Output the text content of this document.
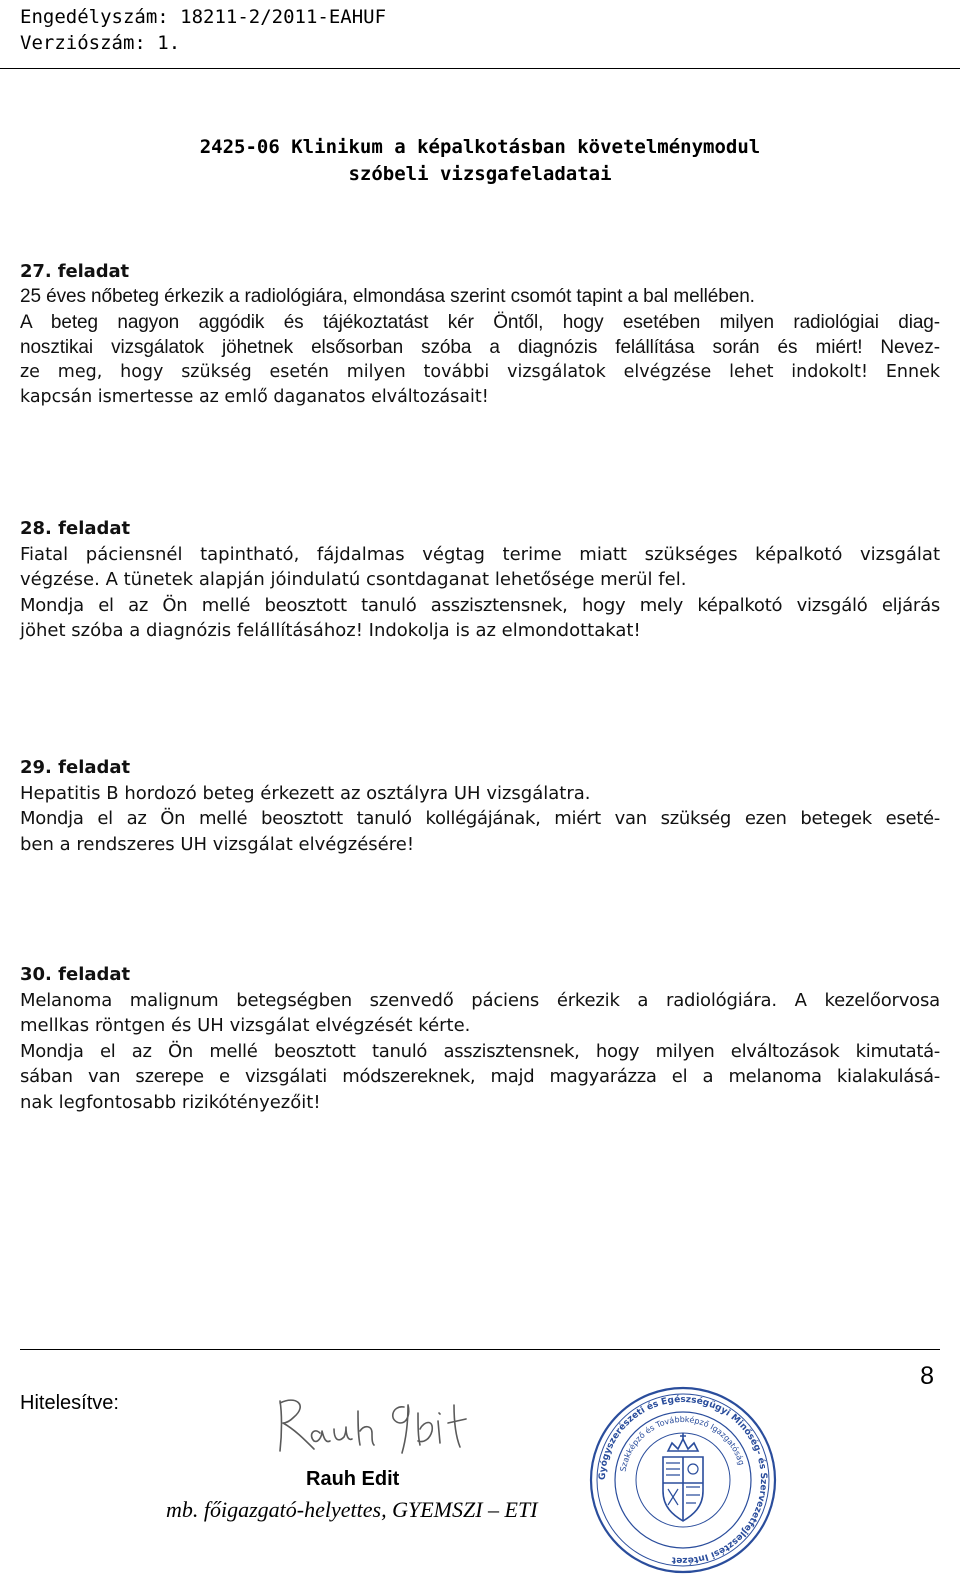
Engedélyszám: 18211-2/2011-EAHUF
Verziószám: 1.
2425-06 Klinikum a képalkotásban követelménymodul
szóbeli vizsgafeladatai
27. feladat
25 éves nőbeteg érkezik a radiológiára, elmondása szerint csomót tapint a bal mellében.
A beteg nagyon aggódik és tájékoztatást kér Öntől, hogy esetében milyen radiológiai diag-
nosztikai vizsgálatok jöhetnek elsősorban szóba a diagnózis felállítása során és miért! Nevez-
ze meg, hogy szükség esetén milyen további vizsgálatok elvégzése lehet indokolt! Ennek
kapcsán ismertesse az emlő daganatos elváltozásait!
28. feladat
Fiatal páciensnél tapintható, fájdalmas végtag terime miatt szükséges képalkotó vizsgálat
végzése. A tünetek alapján jóindulatú csontdaganat lehetősége merül fel.
Mondja el az Ön mellé beosztott tanuló asszisztensnek, hogy mely képalkotó vizsgáló eljárás
jöhet szóba a diagnózis felállításához! Indokolja is az elmondottakat!
29. feladat
Hepatitis B hordozó beteg érkezett az osztályra UH vizsgálatra.
Mondja el az Ön mellé beosztott tanuló kollégájának, miért van szükség ezen betegek eseté-
ben a rendszeres UH vizsgálat elvégzésére!
30. feladat
Melanoma malignum betegségben szenvedő páciens érkezik a radiológiára. A kezelőorvosa
mellkas röntgen és UH vizsgálat elvégzését kérte.
Mondja el az Ön mellé beosztott tanuló asszisztensnek, hogy milyen elváltozások kimutatá-
sában van szerepe e vizsgálati módszereknek, majd magyarázza el a melanoma kialakulásá-
nak legfontosabb rizikótényezőit!
8
Hitelesítve:
Rauh Edit
mb. főigazgató-helyettes, GYEMSZI – ETI
Gyógyszerészeti és Egészségügyi Minőség- és Szervezetfejlesztési Intézet
Szakképző és Továbbképző Igazgatóság
